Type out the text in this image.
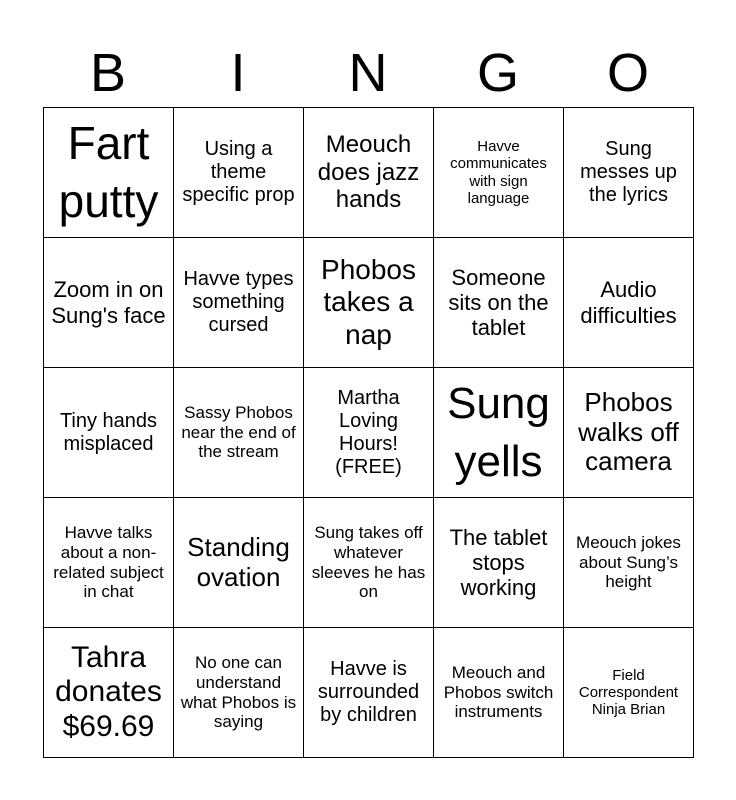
B	I	N	G	O
Fart putty
Using a theme specific prop
Meouch does jazz hands
Havve communicates with sign language
Sung messes up the lyrics
Zoom in on Sung's face
Havve types something cursed
Phobos takes a nap
Someone sits on the tablet
Audio difficulties
Tiny hands misplaced
Sassy Phobos near the end of the stream
Martha Loving Hours! (FREE)
Sung yells
Phobos walks off camera
Havve talks about a non-related subject in chat
Standing ovation
Sung takes off whatever sleeves he has on
The tablet stops working
Meouch jokes about Sung’s height
Tahra donates $69.69
No one can understand what Phobos is saying
Havve is surrounded by children
Meouch and Phobos switch instruments
Field Correspondent Ninja Brian
